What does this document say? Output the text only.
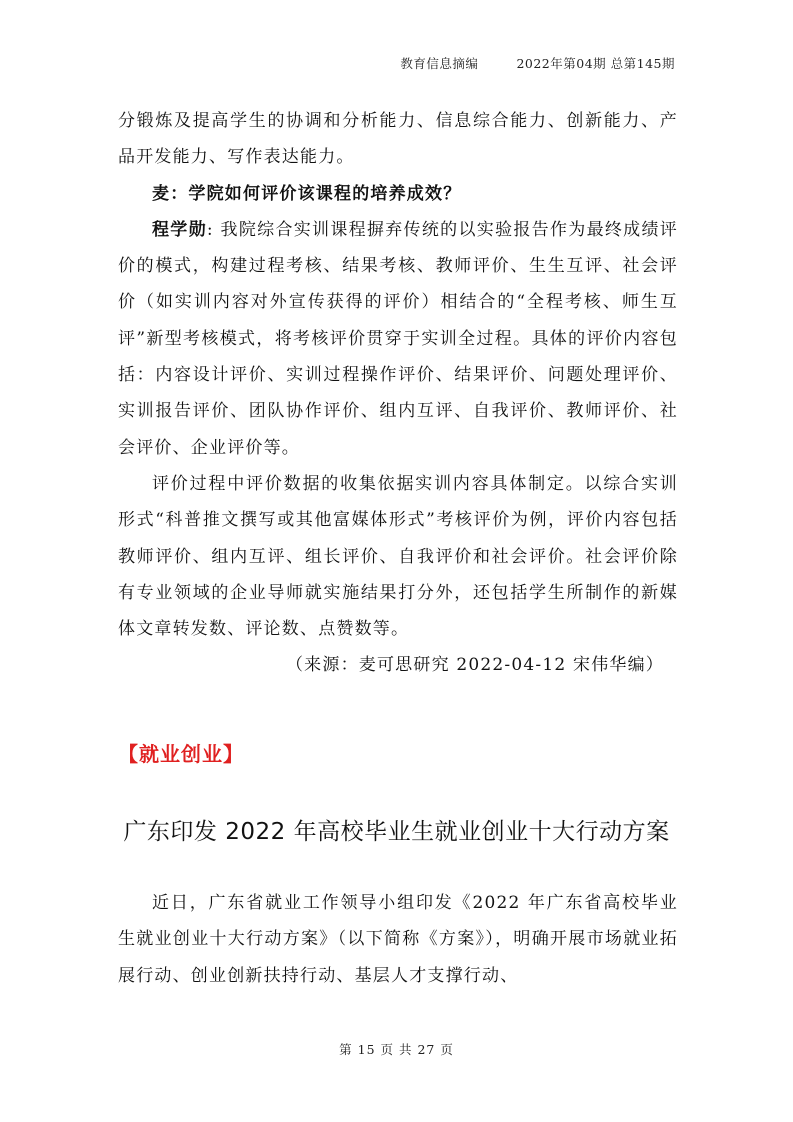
教育信息摘编	2022年第04期 总第145期

分锻炼及提高学生的协调和分析能力、信息综合能力、创新能力、产品开发能力、写作表达能力。

麦：学院如何评价该课程的培养成效？

程学勋: 我院综合实训课程摒弃传统的以实验报告作为最终成绩评价的模式，构建过程考核、结果考核、教师评价、生生互评、社会评价（如实训内容对外宣传获得的评价）相结合的“全程考核、师生互评”新型考核模式，将考核评价贯穿于实训全过程。具体的评价内容包括：内容设计评价、实训过程操作评价、结果评价、问题处理评价、实训报告评价、团队协作评价、组内互评、自我评价、教师评价、社会评价、企业评价等。

评价过程中评价数据的收集依据实训内容具体制定。以综合实训形式“科普推文撰写或其他富媒体形式”考核评价为例，评价内容包括教师评价、组内互评、组长评价、自我评价和社会评价。社会评价除有专业领域的企业导师就实施结果打分外，还包括学生所制作的新媒体文章转发数、评论数、点赞数等。

（来源：麦可思研究 2022-04-12 宋伟华编）

【就业创业】
广东印发 2022 年高校毕业生就业创业十大行动方案

近日，广东省就业工作领导小组印发《2022 年广东省高校毕业生就业创业十大行动方案》（以下简称《方案》），明确开展市场就业拓展行动、创业创新扶持行动、基层人才支撑行动、

第 15 页 共 27 页
